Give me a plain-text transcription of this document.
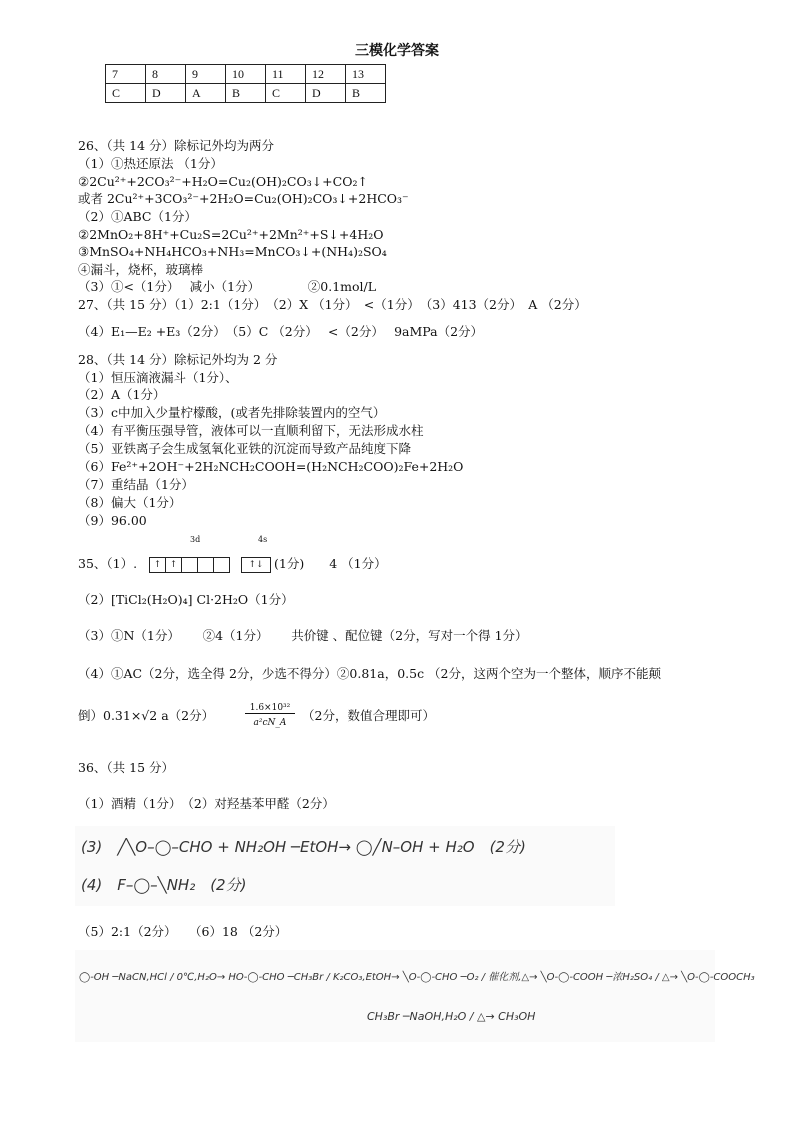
三模化学答案
7	8	9	10	11	12	13
C	D	A	B	C	D	B
26、（共 14 分）除标记外均为两分
（1）①热还原法 （1分）
②2Cu²⁺+2CO₃²⁻+H₂O=Cu₂(OH)₂CO₃↓+CO₂↑
或者 2Cu²⁺+3CO₃²⁻+2H₂O=Cu₂(OH)₂CO₃↓+2HCO₃⁻
（2）①ABC（1分）
②2MnO₂+8H⁺+Cu₂S=2Cu²⁺+2Mn²⁺+S↓+4H₂O
③MnSO₄+NH₄HCO₃+NH₃=MnCO₃↓+(NH₄)₂SO₄
④漏斗，烧杯，玻璃棒
（3）①<（1分）　 减小（1分）　　　　 ②0.1mol/L
27、（共 15 分）（1）2:1（1分）　（2）X （1分）　<（1分）　（3）413（2分）　A （2分）
（4）E₁—E₂ +E₃（2分）　（5）C （2分）　 <（2分）　 9aMPa（2分）
28、（共 14 分）除标记外均为 2 分
（1）恒压滴液漏斗（1分）、
（2）A（1分）
（3）c中加入少量柠檬酸，(或者先排除装置内的空气）
（4）有平衡压强导管，液体可以一直顺利留下，无法形成水柱
（5）亚铁离子会生成氢氧化亚铁的沉淀而导致产品纯度下降
（6）Fe²⁺+2OH⁻+2H₂NCH₂COOH=(H₂NCH₂COO)₂Fe+2H₂O
（7）重结晶（1分）
（8）偏大（1分）
（9）96.00
35、（1）. ↑ ↑	↑↓ (1分)　　4 （1分）
3d	4s
（2）[TiCl₂(H₂O)₄] Cl·2H₂O（1分）
（3）①N（1分）　　 ②4（1分）　　 共价键 、配位键（2分，写对一个得 1分）
（4）①AC（2分，选全得 2分，少选不得分）②0.81a，0.5c （2分，这两个空为一个整体，顺序不能颠
倒）0.31×√2 a（2分）	1.6×10³²
a²cN_A	（2分，数值合理即可）
36、（共 15 分）
（1）酒精（1分）　（2）对羟基苯甲醛（2分）
(3)　╱╲O–◯–CHO + NH₂OH ─EtOH→ ◯╱N–OH + H₂O　(2分)
(4)　F–◯–╲NH₂　(2分)
（5）2:1（2分）　　（6）18 （2分）
◯-OH ─NaCN,HCl / 0℃,H₂O→ HO-◯-CHO ─CH₃Br / K₂CO₃,EtOH→ ╲O-◯-CHO ─O₂ / 催化剂,△→ ╲O-◯-COOH ─浓H₂SO₄ / △→ ╲O-◯-COOCH₃
CH₃Br ─NaOH,H₂O / △→ CH₃OH
